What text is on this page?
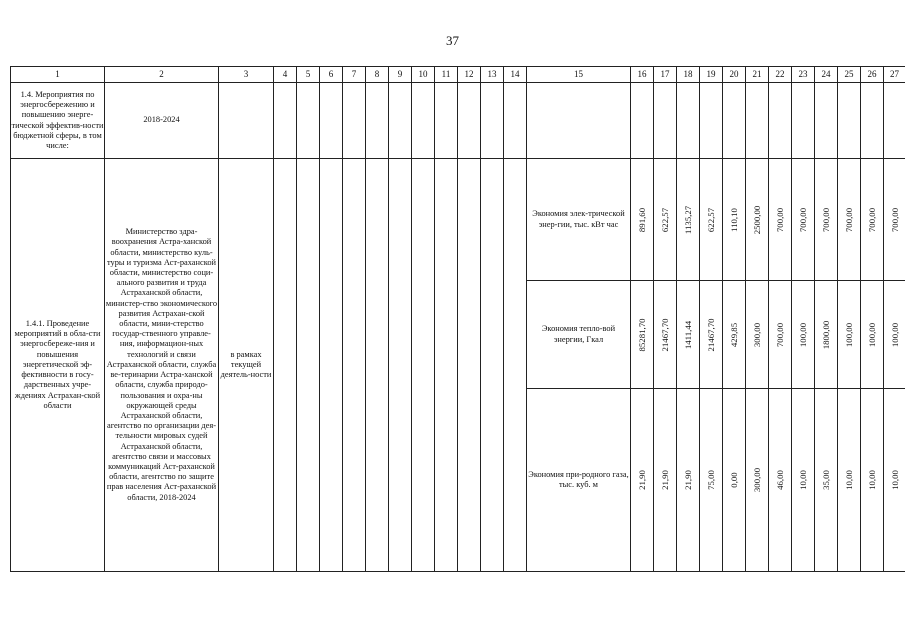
37
1	2	3	4	5	6	7	8	9	10	11	12	13	14	15	16	17	18	19	20	21	22	23	24	25	26	27
1.4. Мероприятия по энергосбережению и повышению энерге-тической эффектив-ности бюджетной сферы, в том числе:	2018-2024																									
1.4.1. Проведение мероприятий в обла-сти энергосбереже-ния и повышения энергетической эф-фективности в госу-дарственных учре-ждениях Астрахан-ской области	Министерство здра-воохранения Астра-ханской области, министерство куль-туры и туризма Аст-раханской области, министерство соци-ального развития и труда Астраханской области, министер-ство экономического развития Астрахан-ской области, мини-стерство государ-ственного управле-ния, информацион-ных технологий и связи Астраханской области, служба ве-теринарии Астра-ханской области, служба природо-пользования и охра-ны окружающей среды Астраханской области, агентство по организации дея-тельности мировых судей Астраханской области, агентство связи и массовых коммуникаций Аст-раханской области, агентство по защите прав населения Аст-раханской области, 2018-2024	в рамках текущей деятель-ности												Экономия элек-трической энер-гии, тыс. кВт час	891,60	622,57	1135,27	622,57	110,10	2500,00	700,00	700,00	700,00	700,00	700,00	700,00

														Экономия тепло-вой энергии, Гкал	85281,70	21467,70	1411,44	21467,70	429,85	300,00	700,00	100,00	1800,00	100,00	100,00	100,00

														Экономия при-родного газа, тыс. куб. м	21,90	21,90	21,90	75,00	0,00	300,00	46,00	10,00	35,00	10,00	10,00	10,00
